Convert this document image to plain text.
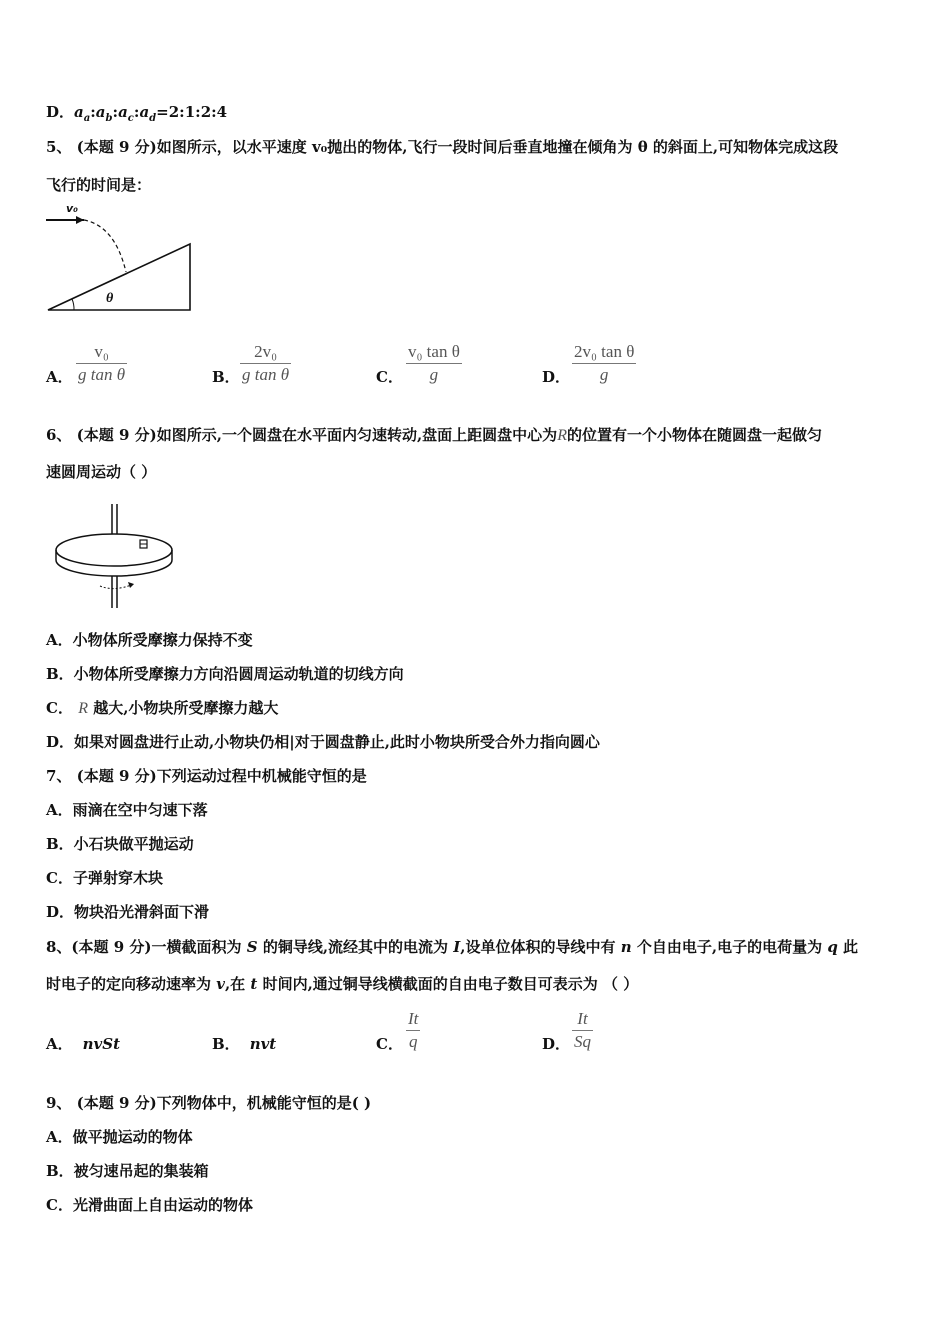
D．$a_a:a_b:a_c:a_d=2:1:2:4$
5、 (本题 9 分)如图所示，以水平速度 v₀抛出的物体,飞行一段时间后垂直地撞在倾角为 θ 的斜面上,可知物体完成这段
飞行的时间是：
v₀
θ
A．
v₀
g tan θ	B．
2v₀
g tan θ	C．
v₀ tan θ
g	D．
2v₀ tan θ
g
6、 (本题 9 分)如图所示,一个圆盘在水平面内匀速转动,盘面上距圆盘中心为R的位置有一个小物体在随圆盘一起做匀
速圆周运动（ ）
A．小物体所受摩擦力保持不变
B．小物体所受摩擦力方向沿圆周运动轨道的切线方向
C． R 越大,小物块所受摩擦力越大
D．如果对圆盘进行止动,小物块仍相|对于圆盘静止,此时小物块所受合外力指向圆心
7、 (本题 9 分)下列运动过程中机械能守恒的是
A．雨滴在空中匀速下落
B．小石块做平抛运动
C．子弹射穿木块
D．物块沿光滑斜面下滑
8、(本题 9 分)一横截面积为 S 的铜导线,流经其中的电流为 I,设单位体积的导线中有 n 个自由电子,电子的电荷量为 q 此
时电子的定向移动速率为 v,在 t 时间内,通过铜导线横截面的自由电子数目可表示为 （ ）
A． nvSt	B． nvt	C．
It
q	D．
It
Sq
9、 (本题 9 分)下列物体中，机械能守恒的是( )
A．做平抛运动的物体
B．被匀速吊起的集装箱
C．光滑曲面上自由运动的物体
